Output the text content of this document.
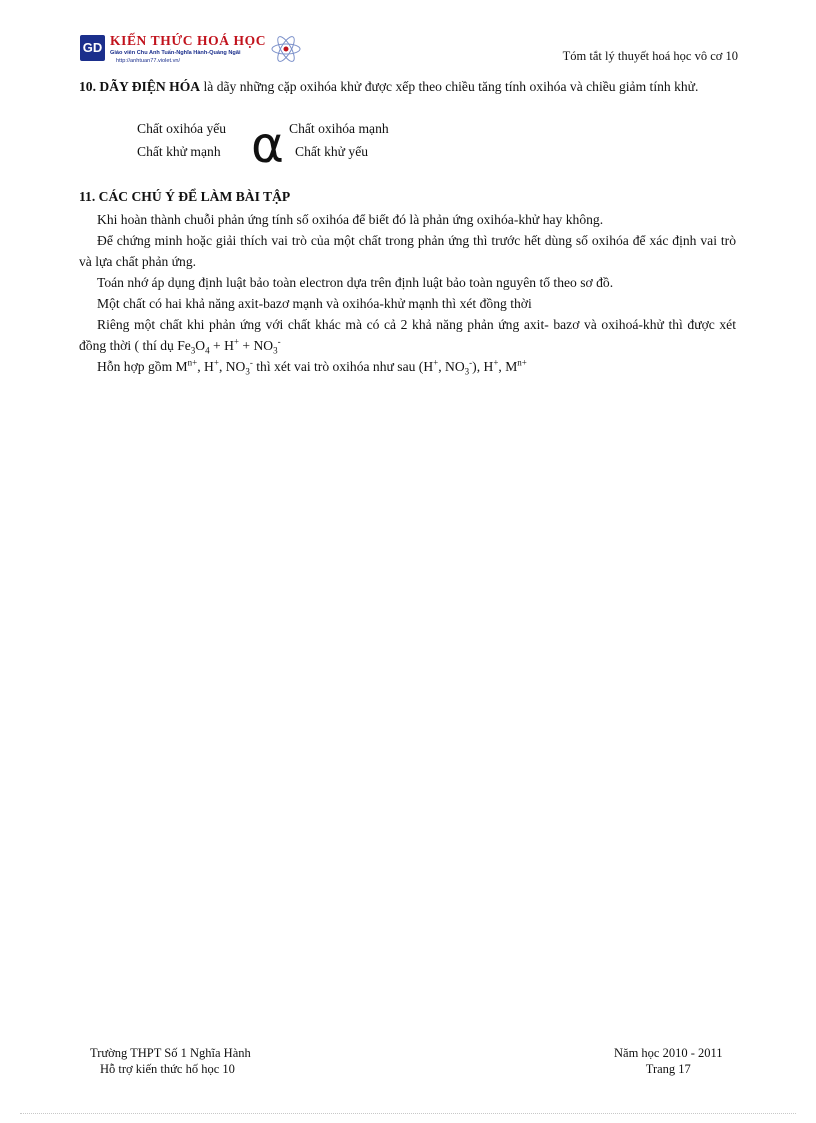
GD KIẾN THỨC HOÁ HỌC
Giáo viên Chu Anh Tuấn-Nghĩa Hành-Quảng Ngãi
http://anhtuan77.violet.vn/	Tóm tắt lý thuyết hoá học vô cơ 10
10. DÃY ĐIỆN HÓA là dãy những cặp oxihóa khử được xếp theo chiều tăng tính oxihóa và chiều giảm tính khử.
Chất oxihóa yếu
Chất khử mạnh α Chất oxihóa mạnh
Chất khử yếu
11. CÁC CHÚ Ý ĐỂ LÀM BÀI TẬP

Khi hoàn thành chuỗi phản ứng tính số oxihóa để biết đó là phản ứng oxihóa-khử hay không.

Để chứng minh hoặc giải thích vai trò của một chất trong phản ứng thì trước hết dùng số oxihóa để xác định vai trò và lựa chất phản ứng.

Toán nhớ áp dụng định luật bảo toàn electron dựa trên định luật bảo toàn nguyên tố theo sơ đồ.

Một chất có hai khả năng axit-bazơ mạnh và oxihóa-khử mạnh thì xét đồng thời

Riêng một chất khi phản ứng với chất khác mà có cả 2 khả năng phản ứng axit- bazơ và oxihoá-khử thì được xét đồng thời ( thí dụ $Fe_3O_4 + H^+ + NO_3^-$

Hỗn hợp gồm $M^{n+}$, H+, $NO_3^-$ thì xét vai trò oxihóa như sau (H+, $NO_3^-$), H+, $M^{n+}$

Trường THPT Số 1 Nghĩa Hành
Hỗ trợ kiến thức hố học 10
Năm học 2010 - 2011
Trang 17
